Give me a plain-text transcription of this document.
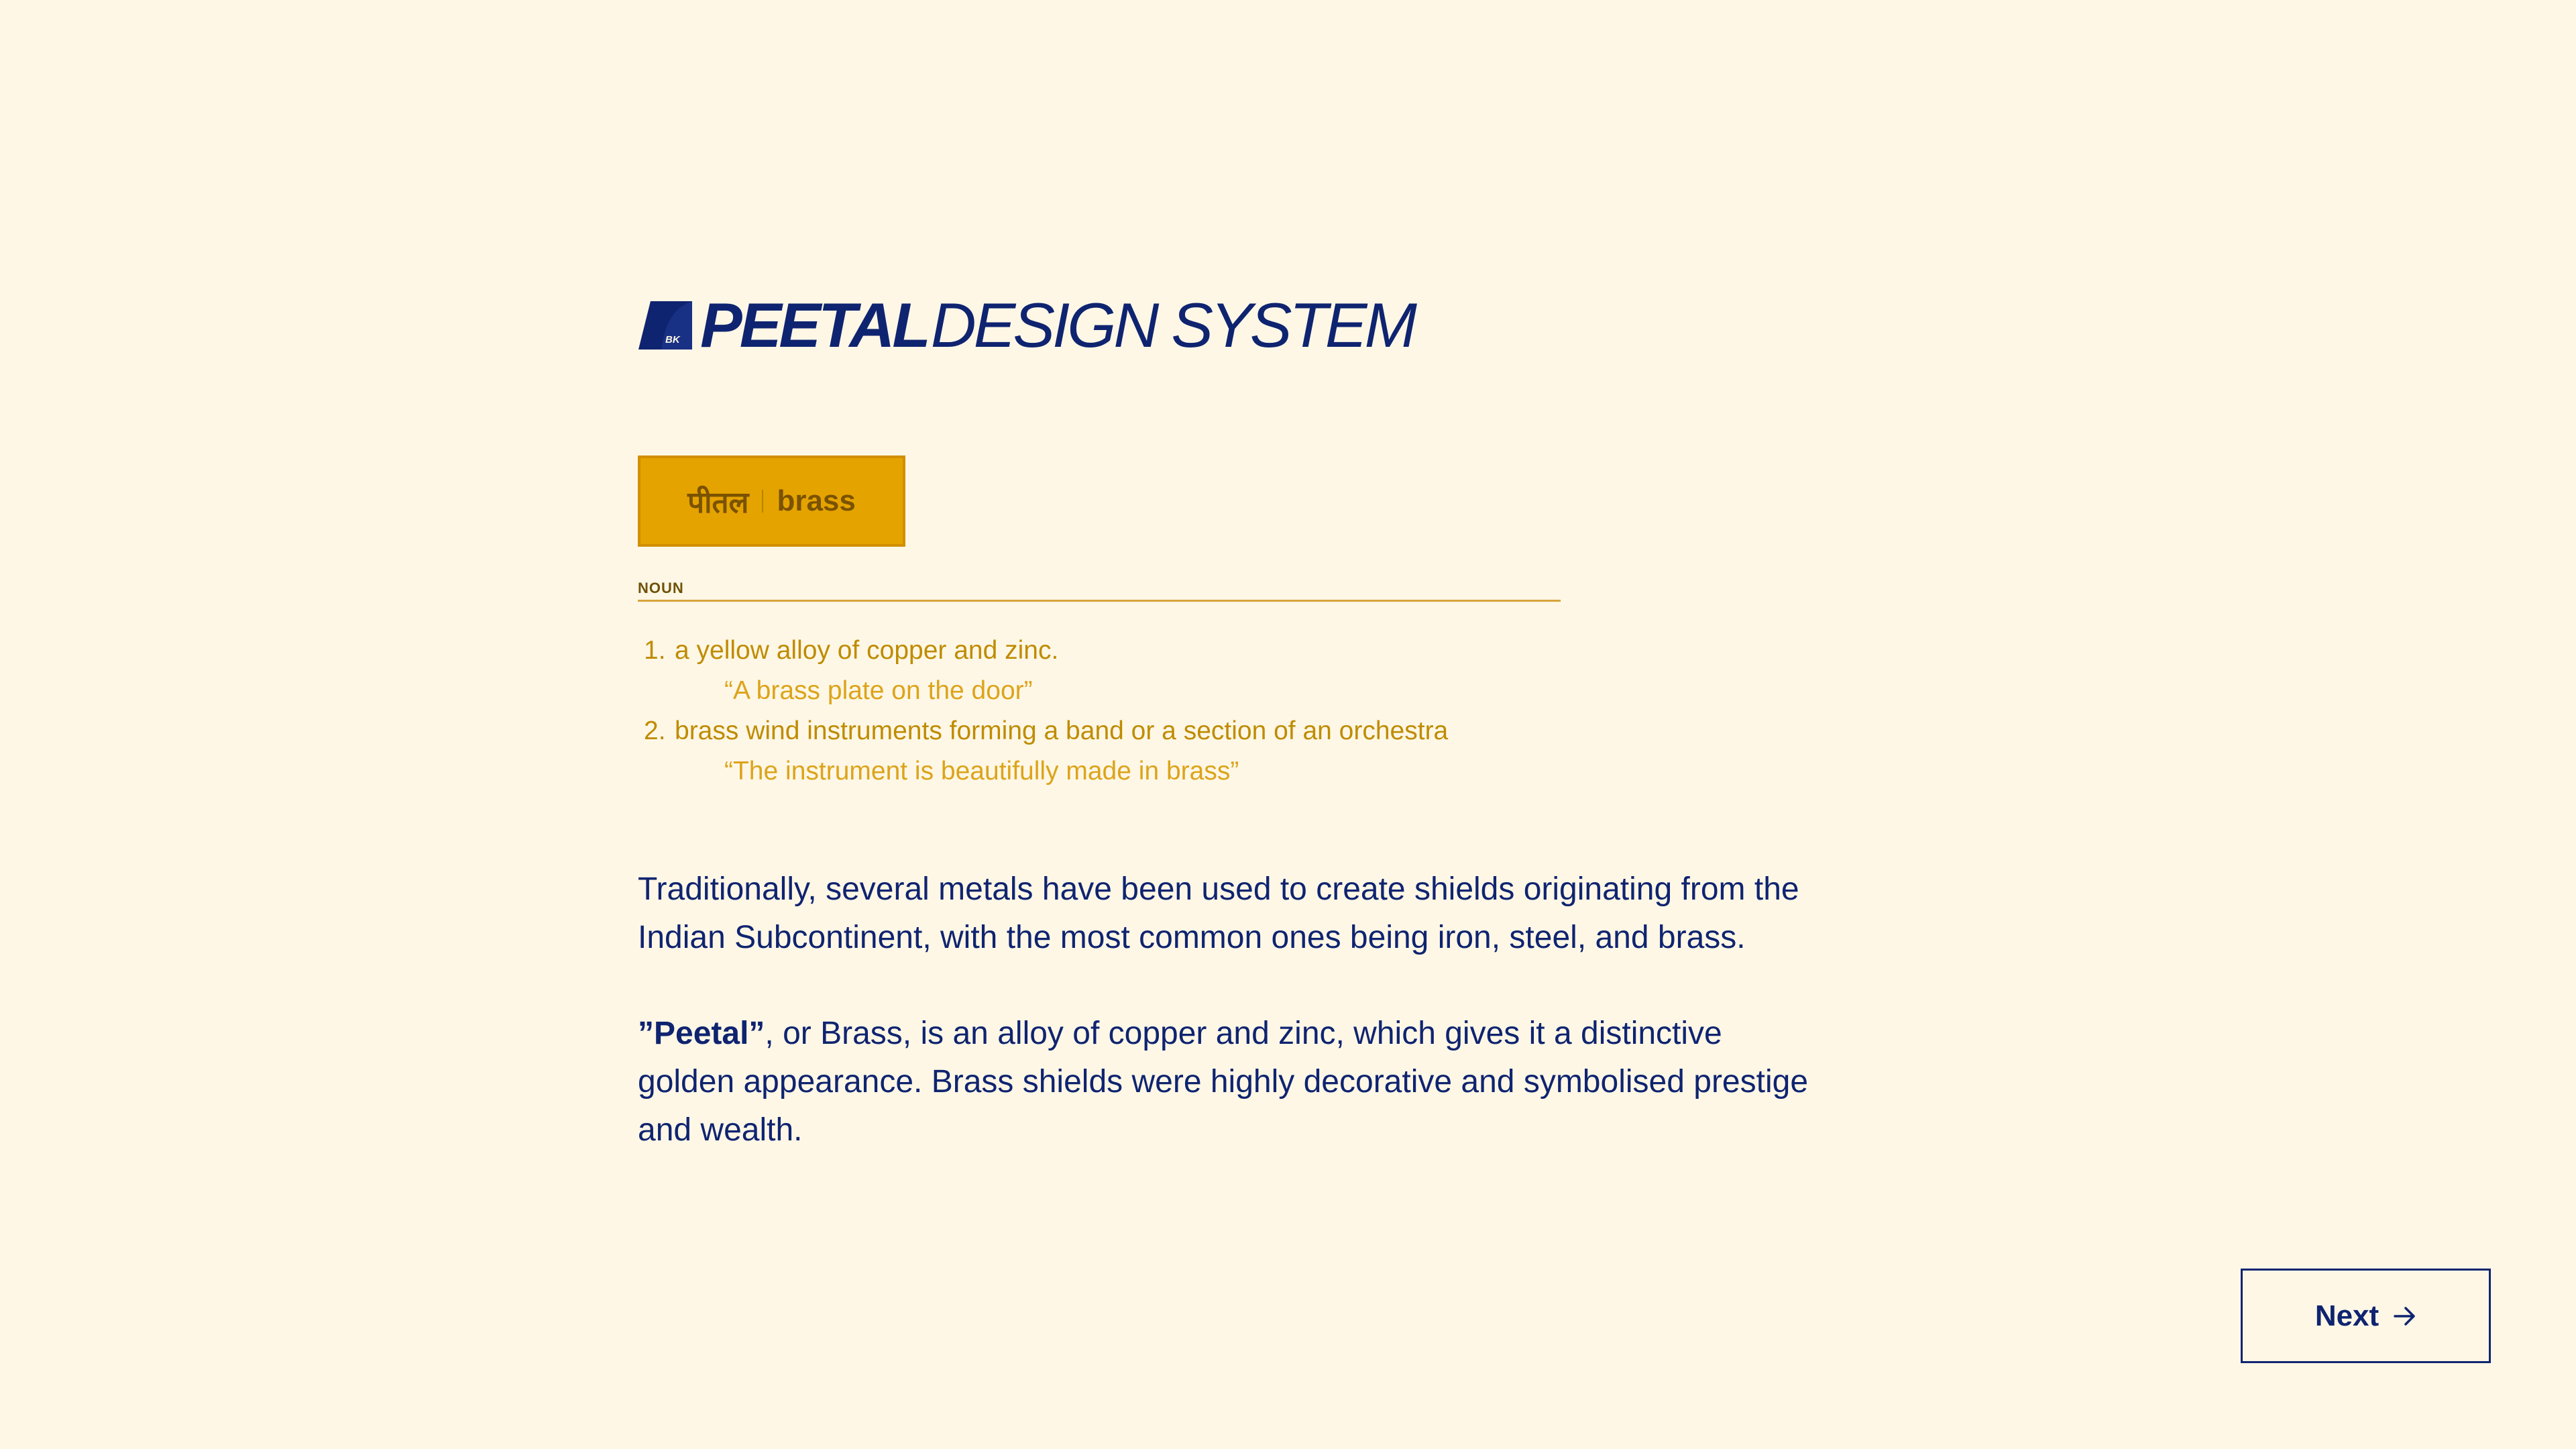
BK PEETAL DESIGN SYSTEM
पीतल brass
NOUN
1. a yellow alloy of copper and zinc.
“A brass plate on the door”
2. brass wind instruments forming a band or a section of an orchestra
“The instrument is beautifully made in brass”
Traditionally, several metals have been used to create shields originating from the
Indian Subcontinent, with the most common ones being iron, steel, and brass.
”Peetal”, or Brass, is an alloy of copper and zinc, which gives it a distinctive
golden appearance. Brass shields were highly decorative and symbolised prestige
and wealth.
Next
